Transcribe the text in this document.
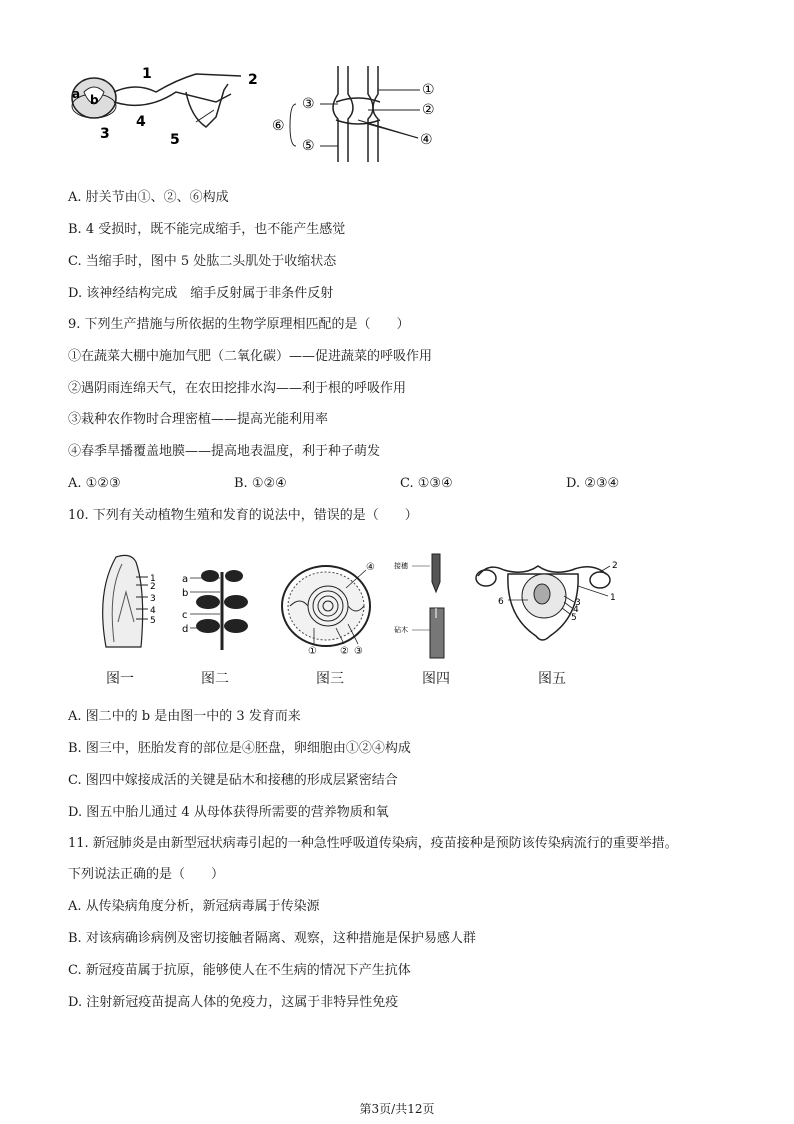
a b
1	2
3
4
5
①
②
③
④
⑤
⑥
A. 肘关节由①、②、⑥构成
B. 4 受损时，既不能完成缩手，也不能产生感觉
C. 当缩手时，图中 5 处肱二头肌处于收缩状态
D. 该神经结构完成　缩手反射属于非条件反射
9. 下列生产措施与所依据的生物学原理相匹配的是（　　）
①在蔬菜大棚中施加气肥（二氧化碳）——促进蔬菜的呼吸作用
②遇阴雨连绵天气，在农田挖排水沟——利于根的呼吸作用
③栽种农作物时合理密植——提高光能利用率
④春季旱播覆盖地膜——提高地表温度，利于种子萌发
A. ①②③	B. ①②④	C. ①③④	D. ②③④
10. 下列有关动植物生殖和发育的说法中，错误的是（　　）
1
2
3
4
5
a
b
c
d
① ② ③
④	接穗
砧木
1
2
3
4
5
6
图一	图二	图三	图四	图五
A. 图二中的 b 是由图一中的 3 发育而来
B. 图三中，胚胎发育的部位是④胚盘，卵细胞由①②④构成
C. 图四中嫁接成活的关键是砧木和接穗的形成层紧密结合
D. 图五中胎儿通过 4 从母体获得所需要的营养物质和氧
11. 新冠肺炎是由新型冠状病毒引起的一种急性呼吸道传染病，疫苗接种是预防该传染病流行的重要举措。
下列说法正确的是（　　）
A. 从传染病角度分析，新冠病毒属于传染源
B. 对该病确诊病例及密切接触者隔离、观察，这种措施是保护易感人群
C. 新冠疫苗属于抗原，能够使人在不生病的情况下产生抗体
D. 注射新冠疫苗提高人体的免疫力，这属于非特异性免疫
第3页/共12页
